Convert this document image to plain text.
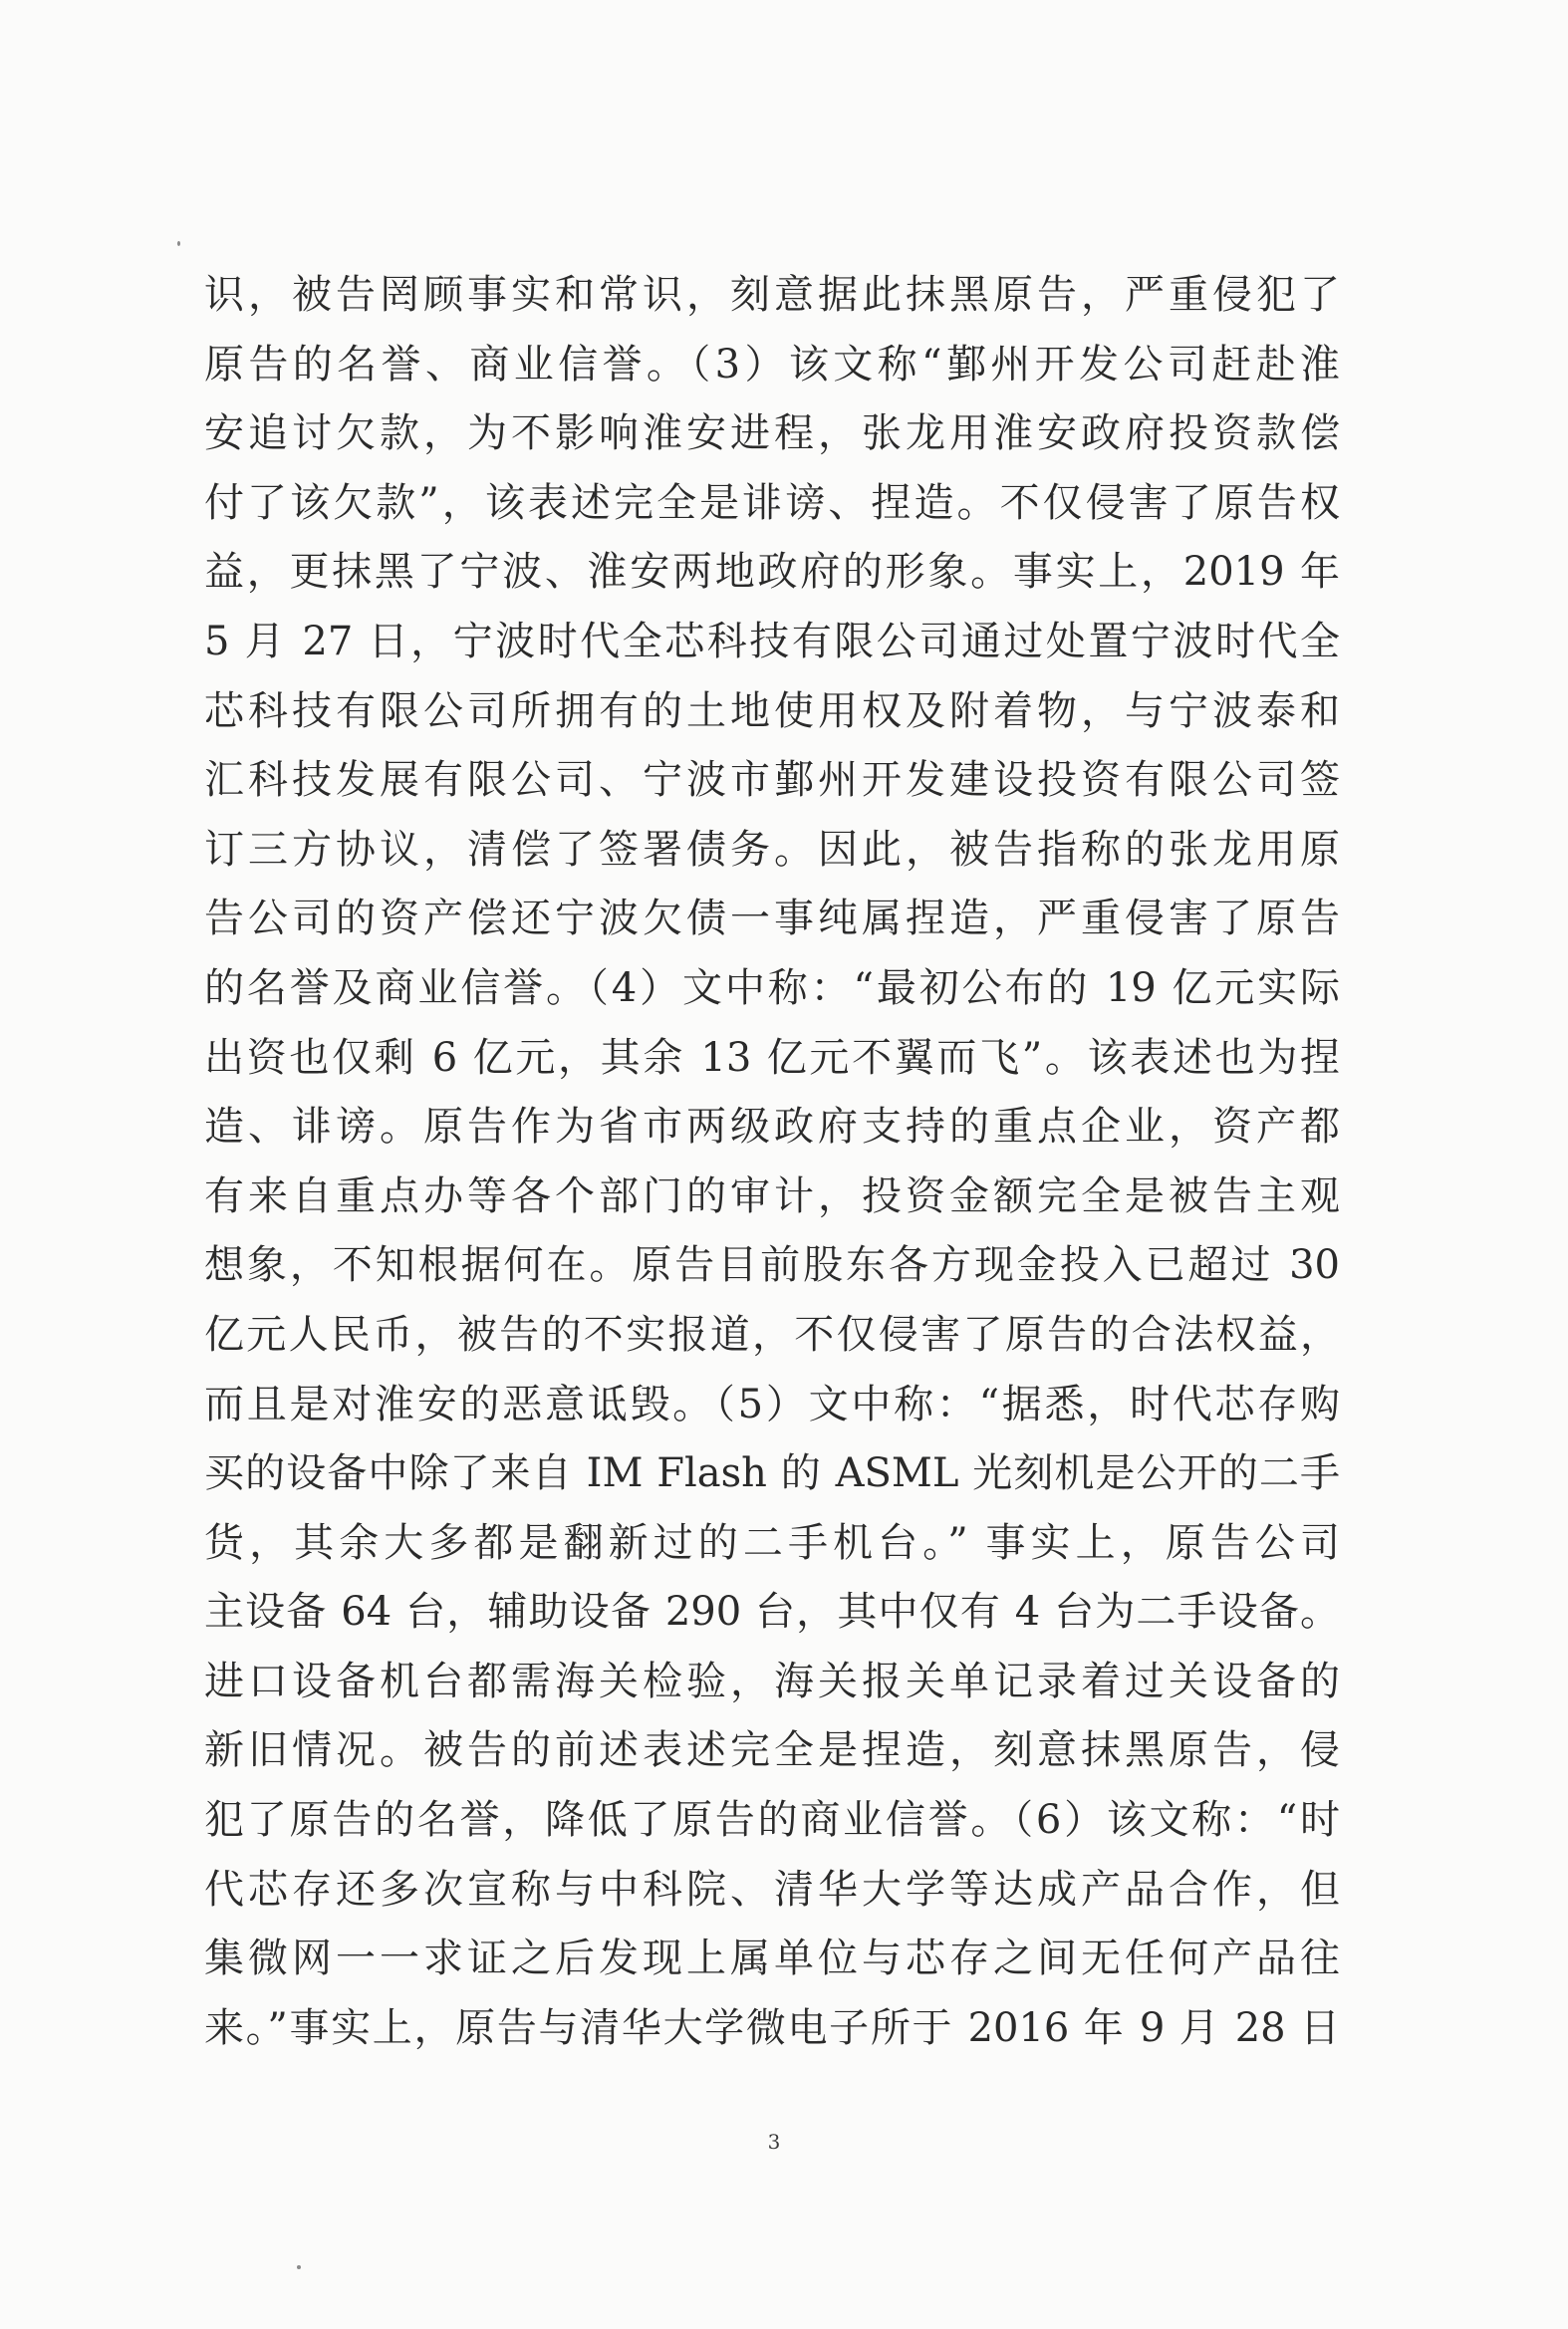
识，被告罔顾事实和常识，刻意据此抹黑原告，严重侵犯了
原告的名誉、商业信誉。（3）该文称“鄞州开发公司赶赴淮
安追讨欠款，为不影响淮安进程，张龙用淮安政府投资款偿
付了该欠款”，该表述完全是诽谤、捏造。不仅侵害了原告权
益，更抹黑了宁波、淮安两地政府的形象。事实上，2019 年
5 月 27 日，宁波时代全芯科技有限公司通过处置宁波时代全
芯科技有限公司所拥有的土地使用权及附着物，与宁波泰和
汇科技发展有限公司、宁波市鄞州开发建设投资有限公司签
订三方协议，清偿了签署债务。因此，被告指称的张龙用原
告公司的资产偿还宁波欠债一事纯属捏造，严重侵害了原告
的名誉及商业信誉。（4）文中称：“最初公布的 19 亿元实际
出资也仅剩 6 亿元，其余 13 亿元不翼而飞”。该表述也为捏
造、诽谤。原告作为省市两级政府支持的重点企业，资产都
有来自重点办等各个部门的审计，投资金额完全是被告主观
想象，不知根据何在。原告目前股东各方现金投入已超过 30
亿元人民币，被告的不实报道，不仅侵害了原告的合法权益，
而且是对淮安的恶意诋毁。（5）文中称：“据悉，时代芯存购
买的设备中除了来自 IM Flash 的 ASML 光刻机是公开的二手
货，其余大多都是翻新过的二手机台。” 事实上，原告公司
主设备 64 台，辅助设备 290 台，其中仅有 4 台为二手设备。
进口设备机台都需海关检验，海关报关单记录着过关设备的
新旧情况。被告的前述表述完全是捏造，刻意抹黑原告，侵
犯了原告的名誉，降低了原告的商业信誉。（6）该文称：“时
代芯存还多次宣称与中科院、清华大学等达成产品合作，但
集微网一一求证之后发现上属单位与芯存之间无任何产品往
来。”事实上，原告与清华大学微电子所于 2016 年 9 月 28 日
3
